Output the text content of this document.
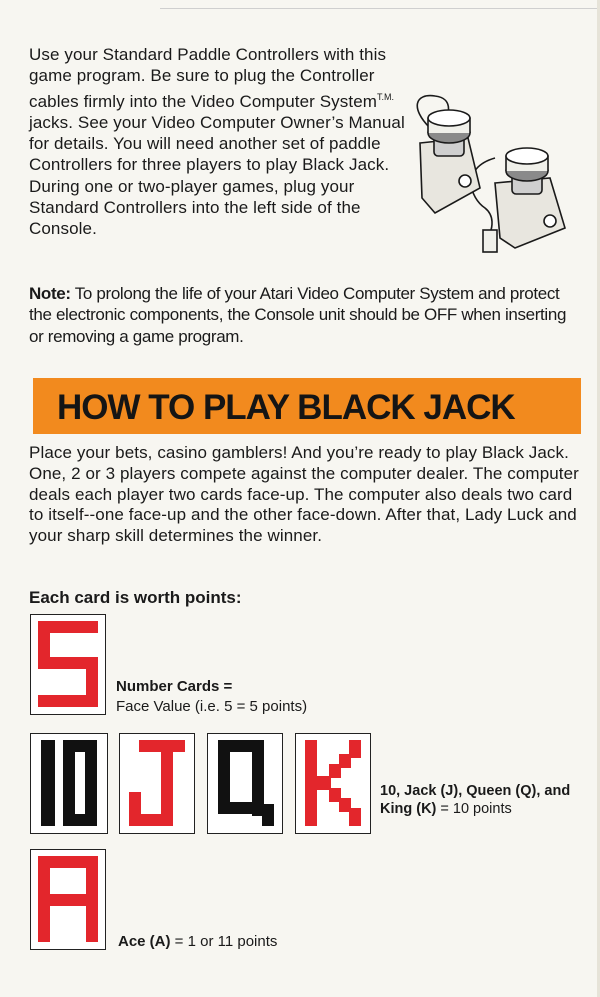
Use your Standard Paddle Controllers with this game program. Be sure to plug the Controller cables firmly into the Video Computer System$^{T.M.}$ jacks. See your Video Computer Owner’s Manual for details. You will need another set of paddle Controllers for three players to play Black Jack. During one or two-player games, plug your Standard Controllers into the left side of the Console.
Note: To prolong the life of your Atari Video Computer System and protect the electronic components, the Console unit should be OFF when inserting or removing a game program.
HOW TO PLAY BLACK JACK
Place your bets, casino gamblers! And you’re ready to play Black Jack. One, 2 or 3 players compete against the computer dealer. The computer deals each player two cards face-up. The computer also deals two card to itself--one face-up and the other face-down. After that, Lady Luck and your sharp skill determines the winner.
Each card is worth points:
Number Cards =
Face Value (i.e. 5 = 5 points)
10, Jack (J), Queen (Q), and King (K) = 10 points
Ace (A) = 1 or 11 points
